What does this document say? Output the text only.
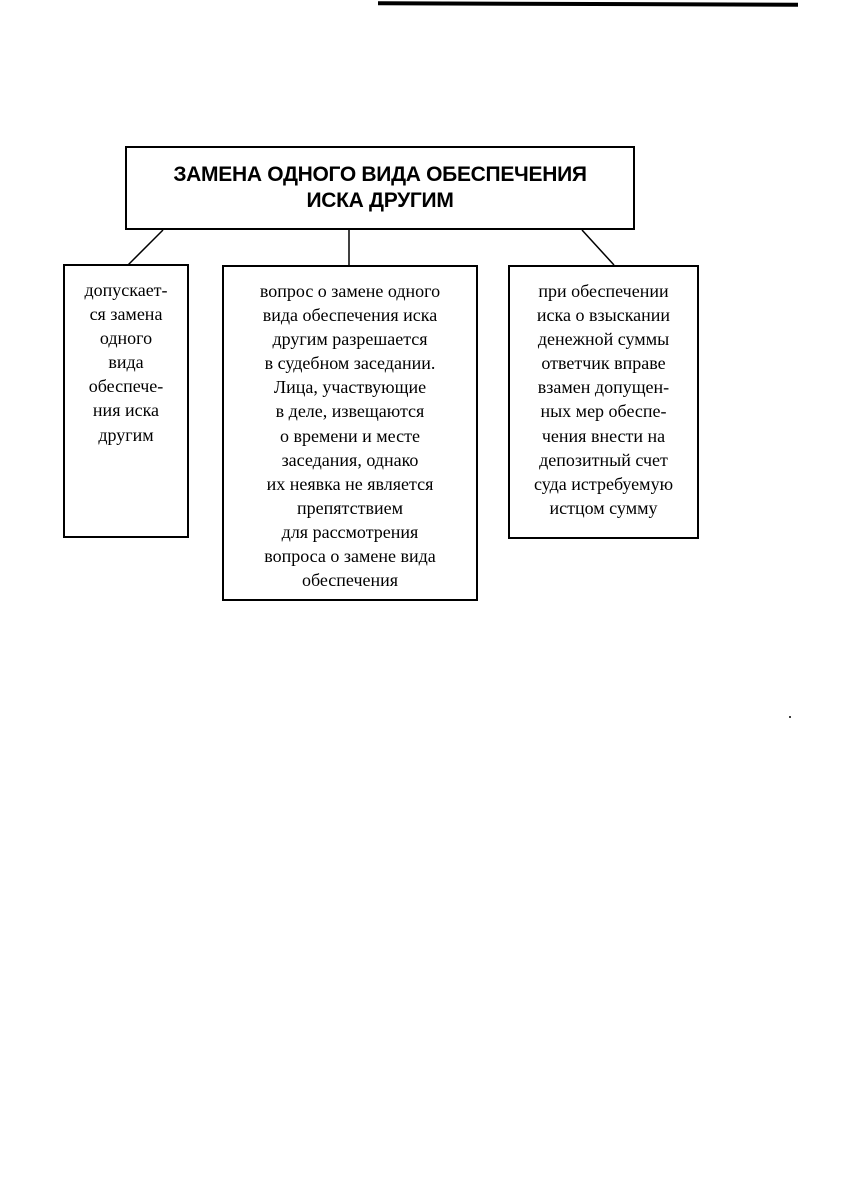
ЗАМЕНА ОДНОГО ВИДА ОБЕСПЕЧЕНИЯ
ИСКА ДРУГИМ
допускает-
ся замена
одного
вида
обеспече-
ния иска
другим
вопрос о замене одного
вида обеспечения иска
другим разрешается
в судебном заседании.
Лица, участвующие
в деле, извещаются
о времени и месте
заседания, однако
их неявка не является
препятствием
для рассмотрения
вопроса о замене вида
обеспечения
при обеспечении
иска о взыскании
денежной суммы
ответчик вправе
взамен допущен-
ных мер обеспе-
чения внести на
депозитный счет
суда истребуемую
истцом сумму
